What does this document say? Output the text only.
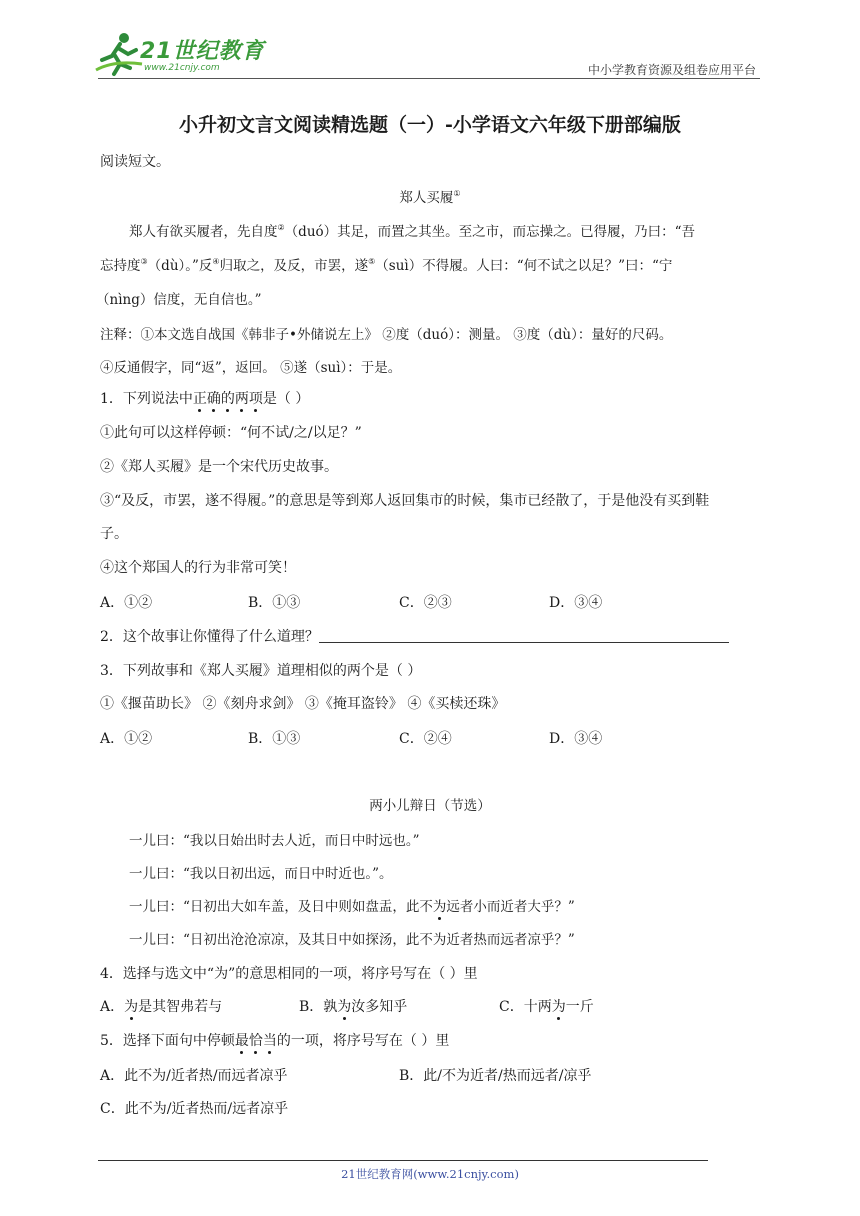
21世纪教育
www.21cnjy.com	中小学教育资源及组卷应用平台
小升初文言文阅读精选题（一）-小学语文六年级下册部编版
阅读短文。
郑人买履①
郑人有欲买履者，先自度②（duó）其足，而置之其坐。至之市，而忘操之。已得履，乃曰：“吾
忘持度③（dù）。”反④归取之，及反，市罢，遂⑤（suì）不得履。人曰：“何不试之以足？”曰：“宁
（nìng）信度，无自信也。”
注释：①本文选自战国《韩非子•外储说左上》 ②度（duó）：测量。 ③度（dù）：量好的尺码。
④反通假字，同“返”，返回。 ⑤遂（suì）：于是。
1．下列说法中正确的两项是（ ）
①此句可以这样停顿：“何不试/之/以足？”
②《郑人买履》是一个宋代历史故事。
③“及反，市罢，遂不得履。”的意思是等到郑人返回集市的时候，集市已经散了，于是他没有买到鞋
子。
④这个郑国人的行为非常可笑！
A．①②	B．①③	C．②③	D．③④
2．这个故事让你懂得了什么道理？
3．下列故事和《郑人买履》道理相似的两个是（ ）
①《揠苗助长》 ②《刻舟求剑》 ③《掩耳盗铃》 ④《买椟还珠》
A．①②	B．①③	C．②④	D．③④
两小儿辩日（节选）
一儿曰：“我以日始出时去人近，而日中时远也。”
一儿曰：“我以日初出远，而日中时近也。”。
一儿曰：“日初出大如车盖，及日中则如盘盂，此不为远者小而近者大乎？”
一儿曰：“日初出沧沧凉凉，及其日中如探汤，此不为近者热而远者凉乎？”
4．选择与选文中“为”的意思相同的一项，将序号写在（ ）里
A．为是其智弗若与	B．孰为汝多知乎	C．十两为一斤
5．选择下面句中停顿最恰当的一项，将序号写在（ ）里
A．此不为/近者热/而远者凉乎	B．此/不为近者/热而远者/凉乎
C．此不为/近者热而/远者凉乎
21世纪教育网(www.21cnjy.com)
